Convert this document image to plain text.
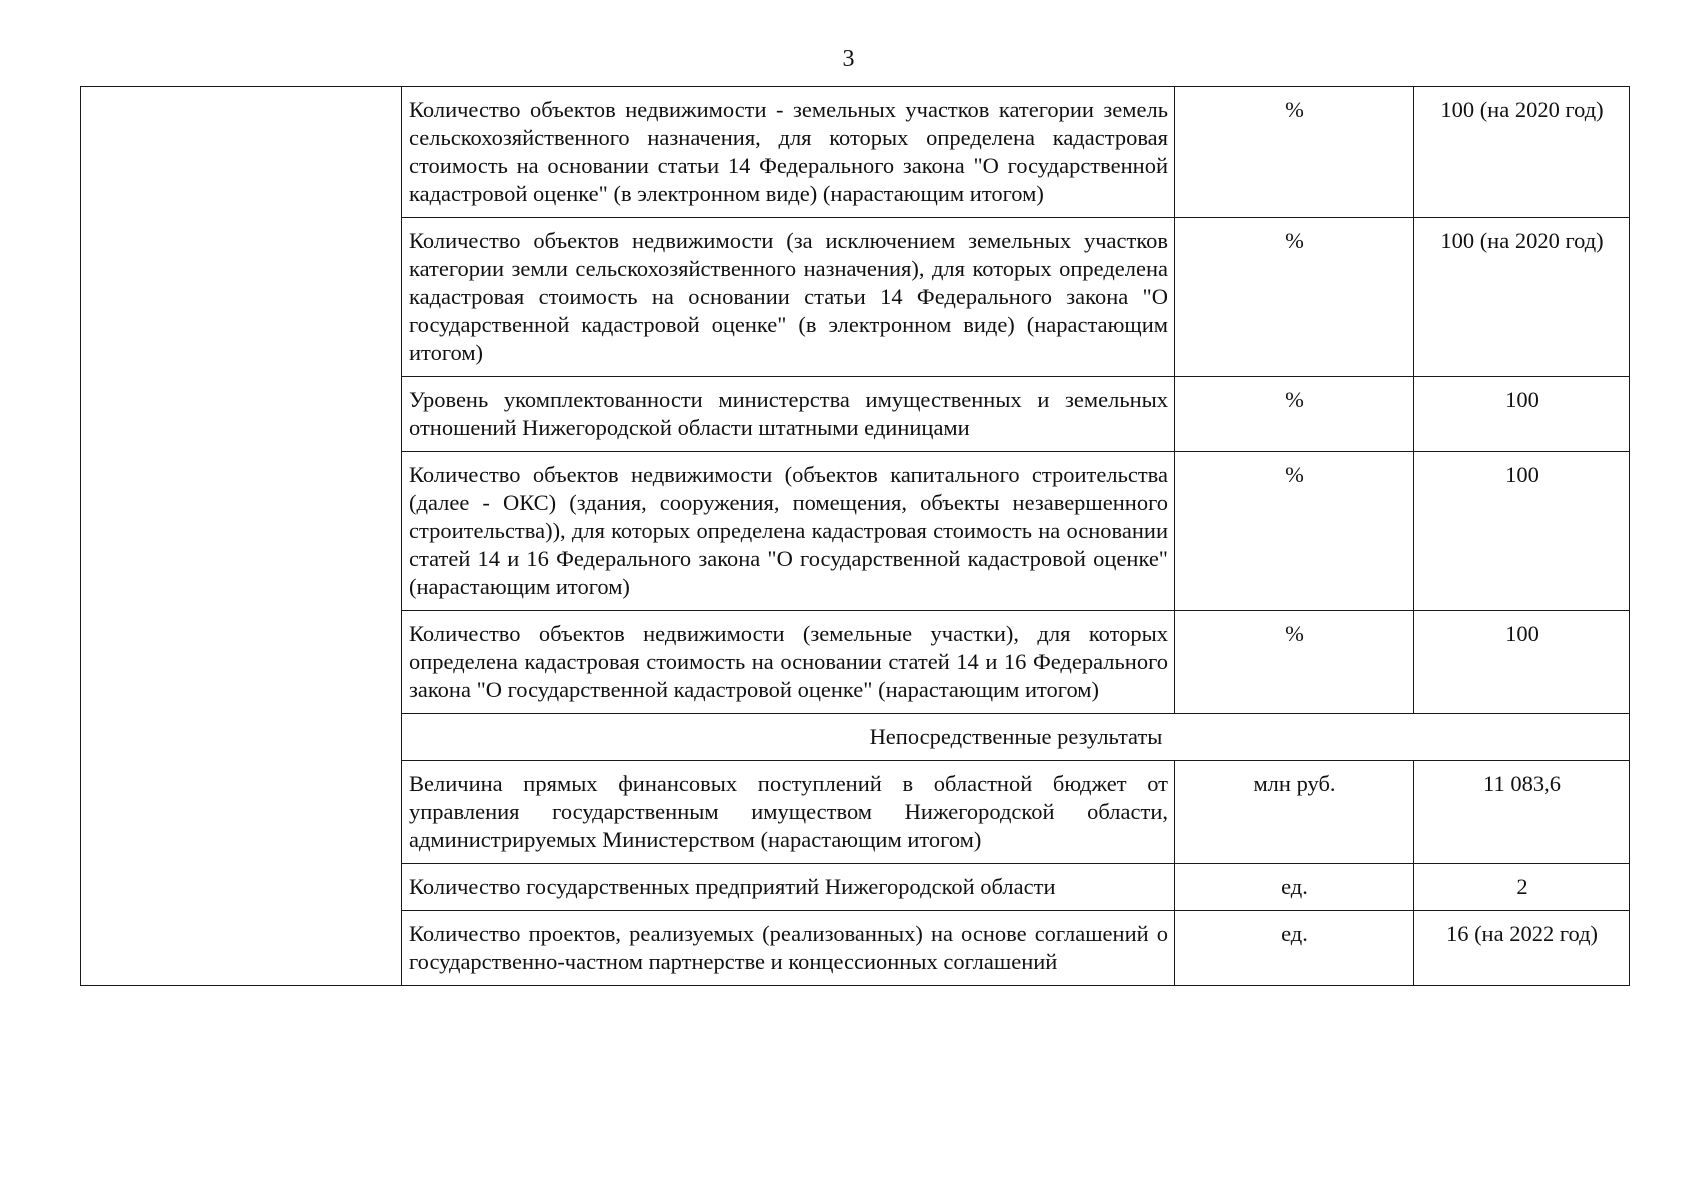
3
	Количество объектов недвижимости - земельных участков категории земель сельскохозяйственного назначения, для которых определена кадастровая стоимость на основании статьи 14 Федерального закона "О государственной кадастровой оценке" (в электронном виде) (нарастающим итогом)	%	100 (на 2020 год)
	Количество объектов недвижимости (за исключением земельных участков категории земли сельскохозяйственного назначения), для которых определена кадастровая стоимость на основании статьи 14 Федерального закона "О государственной кадастровой оценке" (в электронном виде) (нарастающим итогом)	%	100 (на 2020 год)
	Уровень укомплектованности министерства имущественных и земельных отношений Нижегородской области штатными единицами	%	100
	Количество объектов недвижимости (объектов капитального строительства (далее - ОКС) (здания, сооружения, помещения, объекты незавершенного строительства)), для которых определена кадастровая стоимость на основании статей 14 и 16 Федерального закона "О государственной кадастровой оценке" (нарастающим итогом)	%	100
	Количество объектов недвижимости (земельные участки), для которых определена кадастровая стоимость на основании статей 14 и 16 Федерального закона "О государственной кадастровой оценке" (нарастающим итогом)	%	100
	Непосредственные результаты		
	Величина прямых финансовых поступлений в областной бюджет от управления государственным имуществом Нижегородской области, администрируемых Министерством (нарастающим итогом)	млн руб.	11 083,6
	Количество государственных предприятий Нижегородской области	ед.	2
	Количество проектов, реализуемых (реализованных) на основе соглашений о государственно-частном партнерстве и концессионных соглашений	ед.	16 (на 2022 год)
